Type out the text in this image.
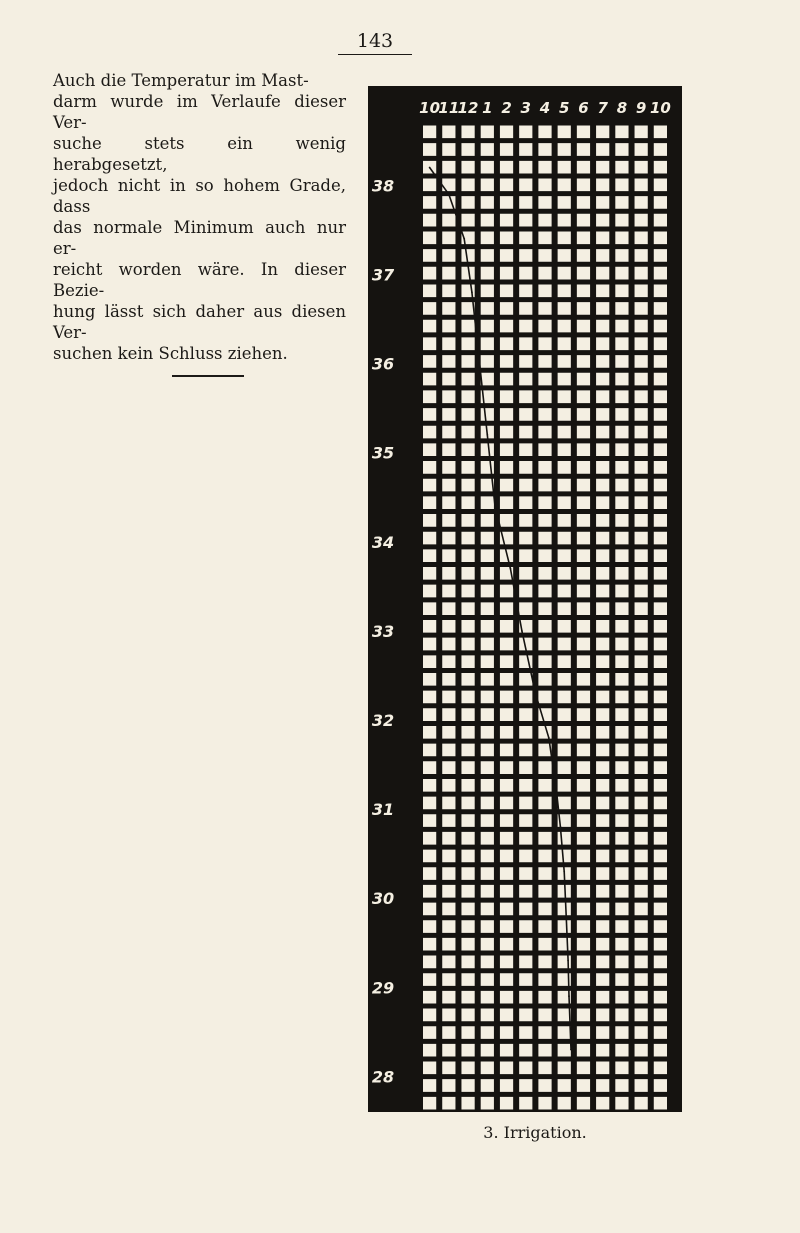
143
Auch die Temperatur im Mast-
darm wurde im Verlaufe dieser Ver-
suche stets ein wenig herabgesetzt,
jedoch nicht in so hohem Grade, dass
das normale Minimum auch nur er-
reicht worden wäre. In dieser Bezie-
hung lässt sich daher aus diesen Ver-
suchen kein Schluss ziehen.
10
11
12 1 2 3 4 5 6 7 8 9 10
38
37
36
35
34
33
32
31
30
29
28
3. Irrigation.
